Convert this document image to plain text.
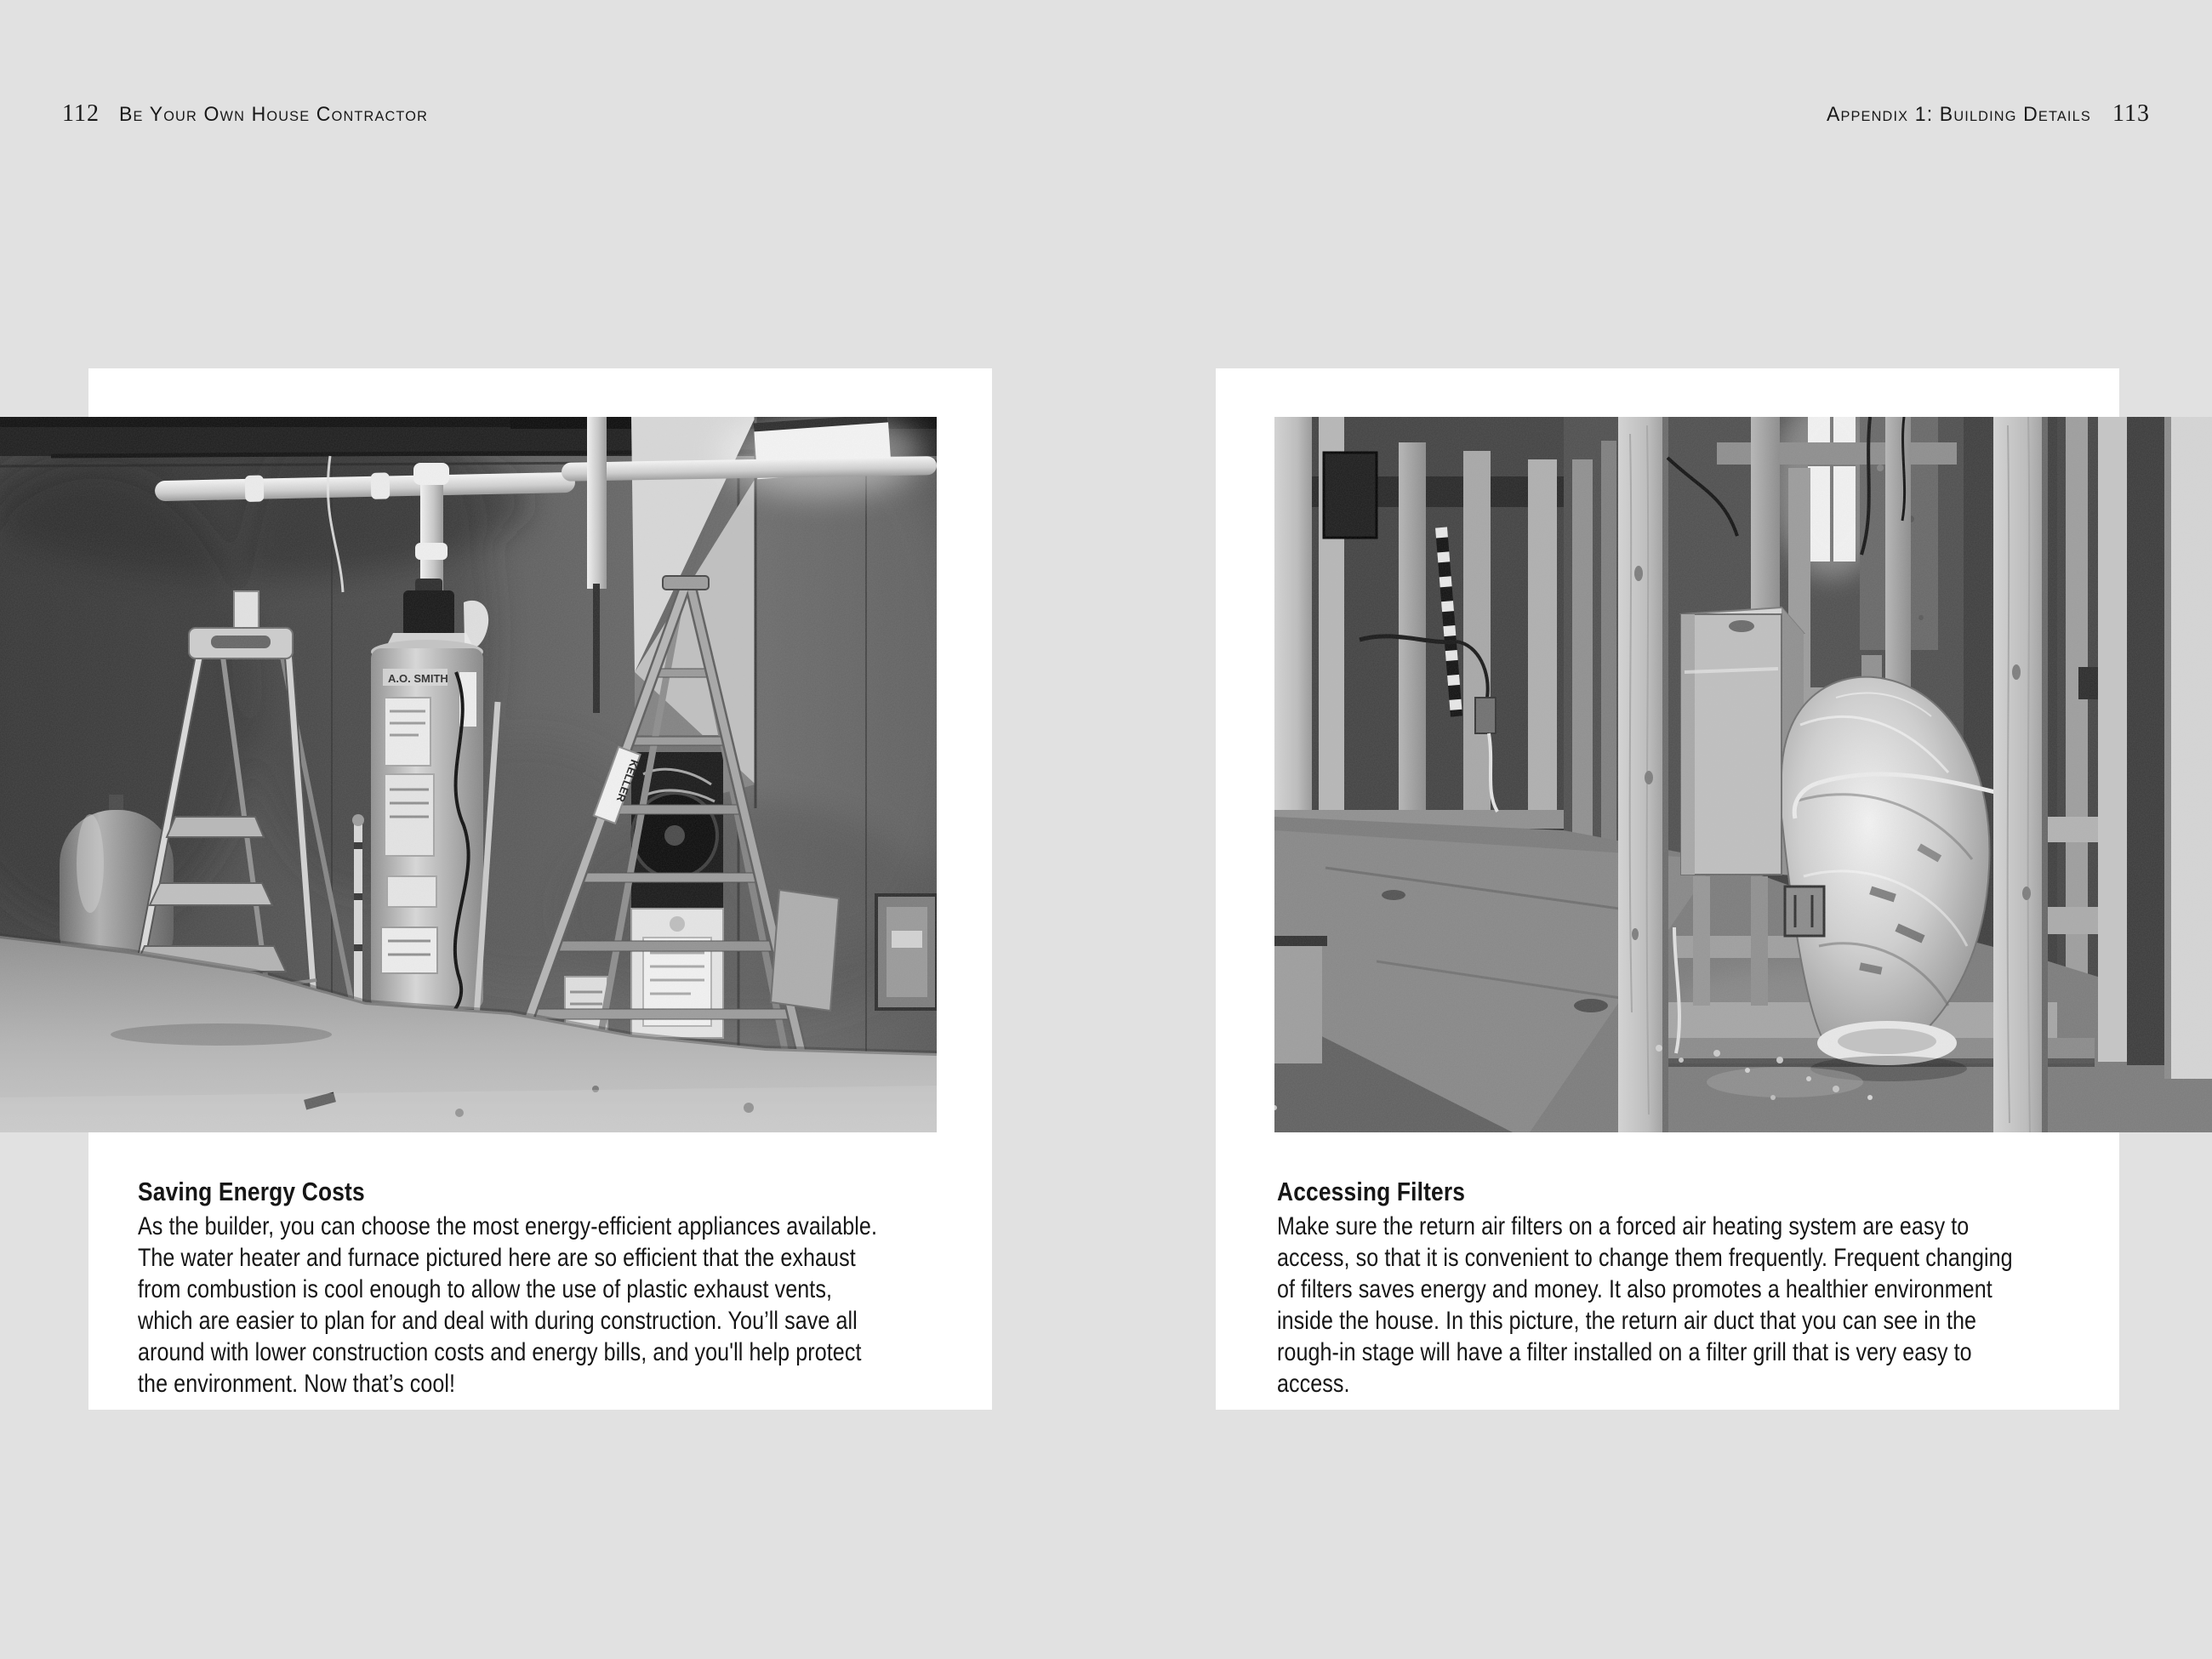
112 Be Your Own House Contractor	Appendix 1: Building Details 113
Saving Energy Costs
As the builder, you can choose the most energy-efficient appliances available.
The water heater and furnace pictured here are so efficient that the exhaust
from combustion is cool enough to allow the use of plastic exhaust vents,
which are easier to plan for and deal with during construction. You’ll save all
around with lower construction costs and energy bills, and you'll help protect
the environment. Now that’s cool!
Accessing Filters
Make sure the return air filters on a forced air heating system are easy to
access, so that it is convenient to change them frequently. Frequent changing
of filters saves energy and money. It also promotes a healthier environment
inside the house. In this picture, the return air duct that you can see in the
rough-in stage will have a filter installed on a filter grill that is very easy to
access.
